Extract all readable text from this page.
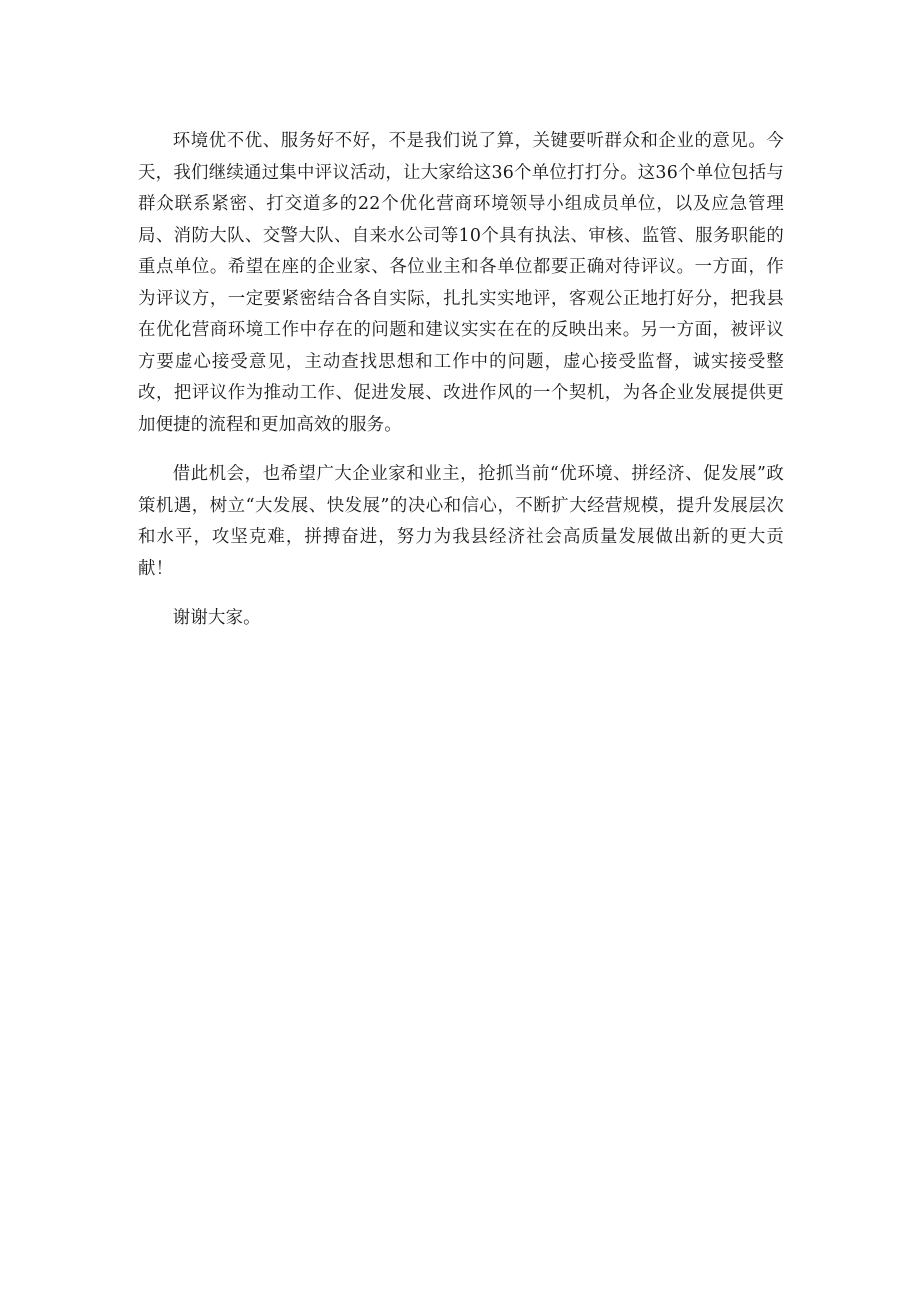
环境优不优、服务好不好，不是我们说了算，关键要听群众和企业的意见。今天，我们继续通过集中评议活动，让大家给这36个单位打打分。这36个单位包括与群众联系紧密、打交道多的22个优化营商环境领导小组成员单位，以及应急管理局、消防大队、交警大队、自来水公司等10个具有执法、审核、监管、服务职能的重点单位。希望在座的企业家、各位业主和各单位都要正确对待评议。一方面，作为评议方，一定要紧密结合各自实际，扎扎实实地评，客观公正地打好分，把我县在优化营商环境工作中存在的问题和建议实实在在的反映出来。另一方面，被评议方要虚心接受意见，主动查找思想和工作中的问题，虚心接受监督，诚实接受整改，把评议作为推动工作、促进发展、改进作风的一个契机，为各企业发展提供更加便捷的流程和更加高效的服务。

借此机会，也希望广大企业家和业主，抢抓当前“优环境、拼经济、促发展”政策机遇，树立“大发展、快发展”的决心和信心，不断扩大经营规模，提升发展层次和水平，攻坚克难，拼搏奋进，努力为我县经济社会高质量发展做出新的更大贡献！

谢谢大家。
